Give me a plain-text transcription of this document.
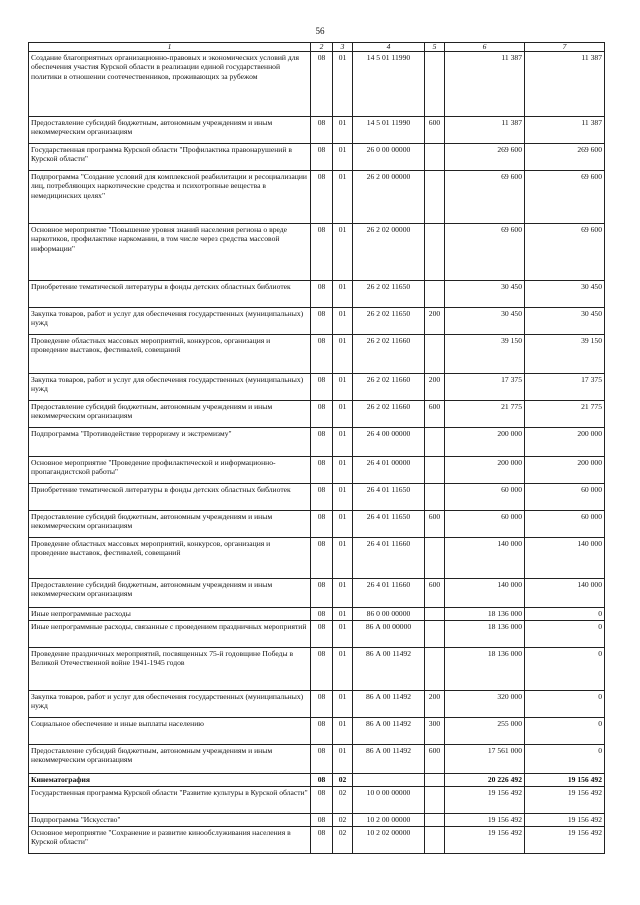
56
1	2	3	4	5	6	7
Создание благоприятных организационно-правовых и экономических условий для обеспечения участия Курской области в реализации единой государственной политики в отношении соотечественников, проживающих за рубежом	08	01	14 5 01 11990		11 387	11 387
Предоставление субсидий бюджетным, автономным учреждениям и иным некоммерческим организациям	08	01	14 5 01 11990	600	11 387	11 387
Государственная программа Курской области "Профилактика правонарушений в Курской области"	08	01	26 0 00 00000		269 600	269 600
Подпрограмма "Создание условий для комплексной реабилитации и ресоциализации лиц, потребляющих наркотические средства и психотропные вещества в немедицинских целях"	08	01	26 2 00 00000		69 600	69 600
Основное мероприятие "Повышение уровня знаний населения региона о вреде наркотиков, профилактике наркомании, в том числе через средства массовой информации"	08	01	26 2 02 00000		69 600	69 600
Приобретение тематической литературы в фонды детских областных библиотек	08	01	26 2 02 11650		30 450	30 450
Закупка товаров, работ и услуг для обеспечения государственных (муниципальных) нужд	08	01	26 2 02 11650	200	30 450	30 450
Проведение областных массовых мероприятий, конкурсов, организация и проведение выставок, фестивалей, совещаний	08	01	26 2 02 11660		39 150	39 150
Закупка товаров, работ и услуг для обеспечения государственных (муниципальных) нужд	08	01	26 2 02 11660	200	17 375	17 375
Предоставление субсидий бюджетным, автономным учреждениям и иным некоммерческим организациям	08	01	26 2 02 11660	600	21 775	21 775
Подпрограмма "Противодействие терроризму и экстремизму"	08	01	26 4 00 00000		200 000	200 000
Основное мероприятие "Проведение профилактической и информационно-пропагандистской работы"	08	01	26 4 01 00000		200 000	200 000
Приобретение тематической литературы в фонды детских областных библиотек	08	01	26 4 01 11650		60 000	60 000
Предоставление субсидий бюджетным, автономным учреждениям и иным некоммерческим организациям	08	01	26 4 01 11650	600	60 000	60 000
Проведение областных массовых мероприятий, конкурсов, организация и проведение выставок, фестивалей, совещаний	08	01	26 4 01 11660		140 000	140 000
Предоставление субсидий бюджетным, автономным учреждениям и иным некоммерческим организациям	08	01	26 4 01 11660	600	140 000	140 000
Иные непрограммные расходы	08	01	86 0 00 00000		18 136 000	0
Иные непрограммные расходы, связанные с проведением праздничных мероприятий	08	01	86 А 00 00000		18 136 000	0
Проведение праздничных мероприятий, посвященных 75-й годовщине Победы в Великой Отечественной войне 1941-1945 годов	08	01	86 А 00 11492		18 136 000	0
Закупка товаров, работ и услуг для обеспечения государственных (муниципальных) нужд	08	01	86 А 00 11492	200	320 000	0
Социальное обеспечение и иные выплаты населению	08	01	86 А 00 11492	300	255 000	0
Предоставление субсидий бюджетным, автономным учреждениям и иным некоммерческим организациям	08	01	86 А 00 11492	600	17 561 000	0
Кинематография	08	02			20 226 492	19 156 492
Государственная программа Курской области "Развитие культуры в Курской области"	08	02	10 0 00 00000		19 156 492	19 156 492
Подпрограмма "Искусство"	08	02	10 2 00 00000		19 156 492	19 156 492
Основное мероприятие "Сохранение и развитие кинообслуживания населения в Курской области"	08	02	10 2 02 00000		19 156 492	19 156 492
